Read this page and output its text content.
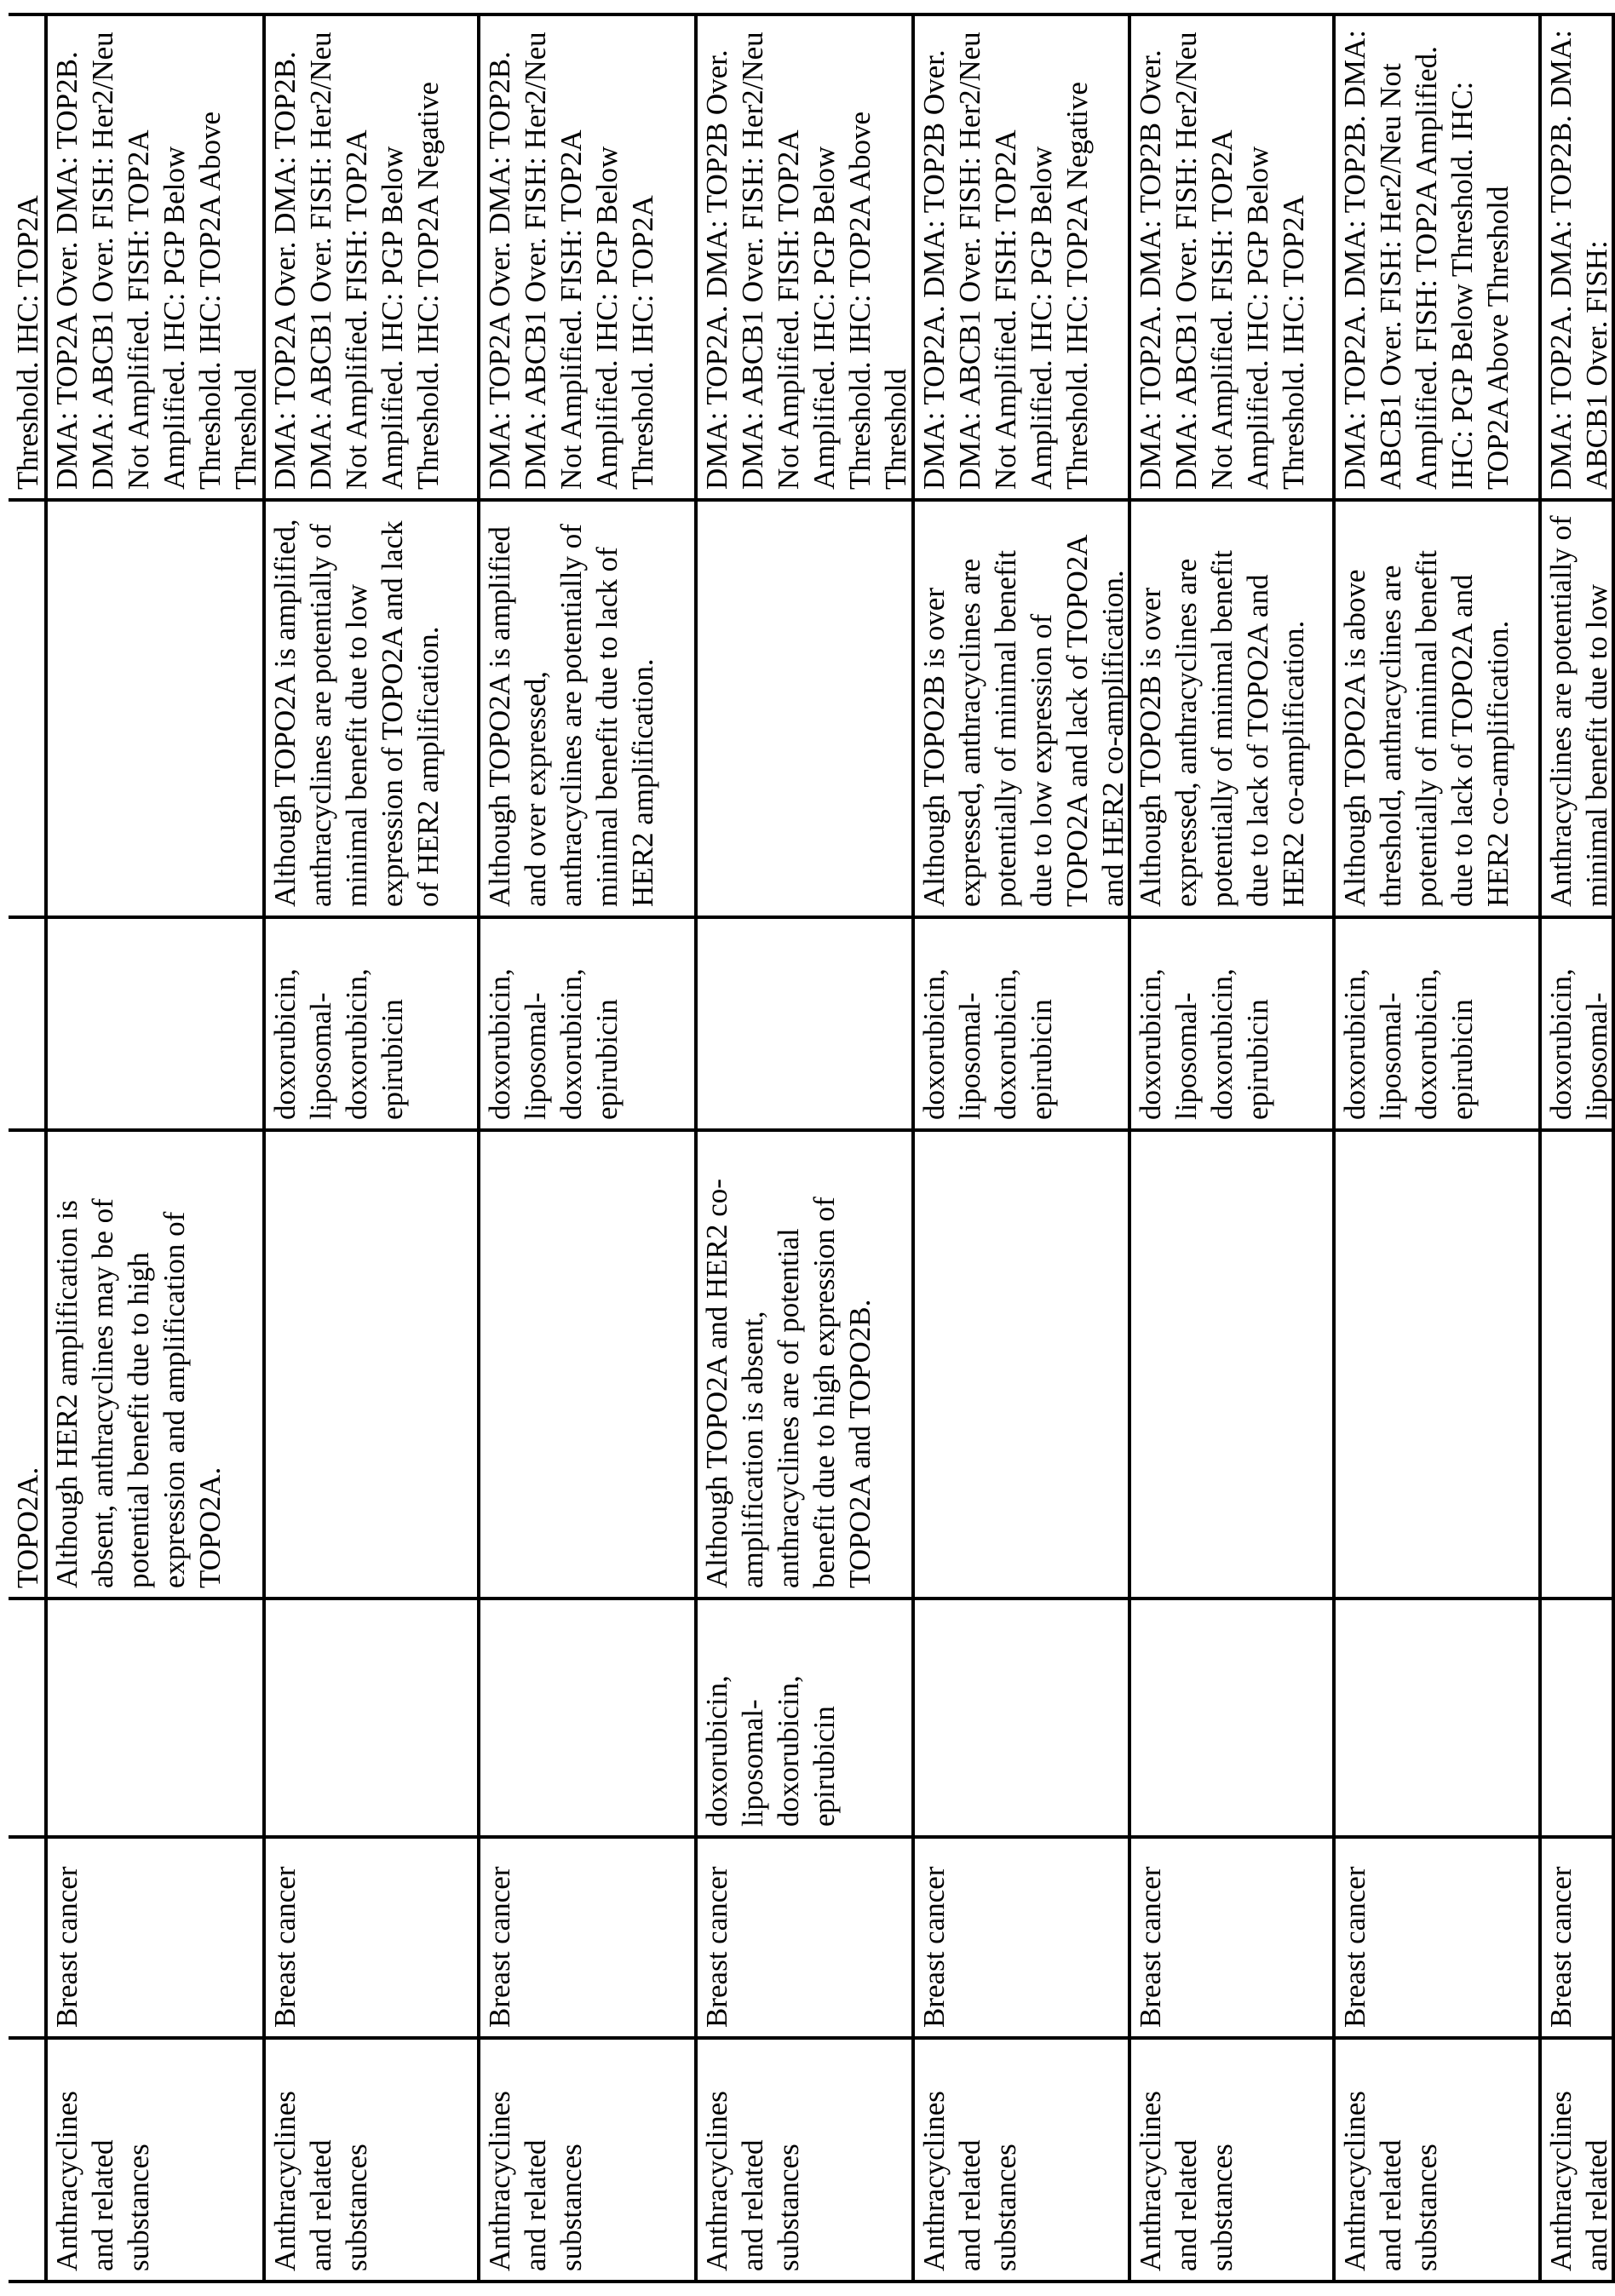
TOPO2A.

Threshold. IHC: TOP2A

Anthracyclines and related substances

Breast cancer

Although HER2 amplification is absent, anthracyclines may be of potential benefit due to high expression and amplification of TOPO2A.

DMA: TOP2A Over. DMA: TOP2B. DMA: ABCB1 Over. FISH: Her2/Neu Not Amplified. FISH: TOP2A Amplified. IHC: PGP Below Threshold. IHC: TOP2A Above Threshold

Anthracyclines and related substances

Breast cancer

doxorubicin, liposomal-doxorubicin, epirubicin

Although TOPO2A is amplified, anthracyclines are potentially of minimal benefit due to low expression of TOPO2A and lack of HER2 amplification.

DMA: TOP2A Over. DMA: TOP2B. DMA: ABCB1 Over. FISH: Her2/Neu Not Amplified. FISH: TOP2A Amplified. IHC: PGP Below Threshold. IHC: TOP2A Negative

Anthracyclines and related substances

Breast cancer

doxorubicin, liposomal-doxorubicin, epirubicin

Although TOPO2A is amplified and over expressed, anthracyclines are potentially of minimal benefit due to lack of HER2 amplification.

DMA: TOP2A Over. DMA: TOP2B. DMA: ABCB1 Over. FISH: Her2/Neu Not Amplified. FISH: TOP2A Amplified. IHC: PGP Below Threshold. IHC: TOP2A

Anthracyclines and related substances

Breast cancer

doxorubicin, liposomal-doxorubicin, epirubicin

Although TOPO2A and HER2 co-amplification is absent, anthracyclines are of potential benefit due to high expression of TOPO2A and TOPO2B.

DMA: TOP2A. DMA: TOP2B Over. DMA: ABCB1 Over. FISH: Her2/Neu Not Amplified. FISH: TOP2A Amplified. IHC: PGP Below Threshold. IHC: TOP2A Above Threshold

Anthracyclines and related substances

Breast cancer

doxorubicin, liposomal-doxorubicin, epirubicin

Although TOPO2B is over expressed, anthracyclines are potentially of minimal benefit due to low expression of TOPO2A and lack of TOPO2A and HER2 co-amplification.

DMA: TOP2A. DMA: TOP2B Over. DMA: ABCB1 Over. FISH: Her2/Neu Not Amplified. FISH: TOP2A Amplified. IHC: PGP Below Threshold. IHC: TOP2A Negative

Anthracyclines and related substances

Breast cancer

doxorubicin, liposomal-doxorubicin, epirubicin

Although TOPO2B is over expressed, anthracyclines are potentially of minimal benefit due to lack of TOPO2A and HER2 co-amplification.

DMA: TOP2A. DMA: TOP2B Over. DMA: ABCB1 Over. FISH: Her2/Neu Not Amplified. FISH: TOP2A Amplified. IHC: PGP Below Threshold. IHC: TOP2A

Anthracyclines and related substances

Breast cancer

doxorubicin, liposomal-doxorubicin, epirubicin

Although TOPO2A is above threshold, anthracyclines are potentially of minimal benefit due to lack of TOPO2A and HER2 co-amplification.

DMA: TOP2A. DMA: TOP2B. DMA: ABCB1 Over. FISH: Her2/Neu Not Amplified. FISH: TOP2A Amplified. IHC: PGP Below Threshold. IHC: TOP2A Above Threshold

Anthracyclines and related

Breast cancer

doxorubicin, liposomal-

Anthracyclines are potentially of minimal benefit due to low

DMA: TOP2A. DMA: TOP2B. DMA: ABCB1 Over. FISH:
